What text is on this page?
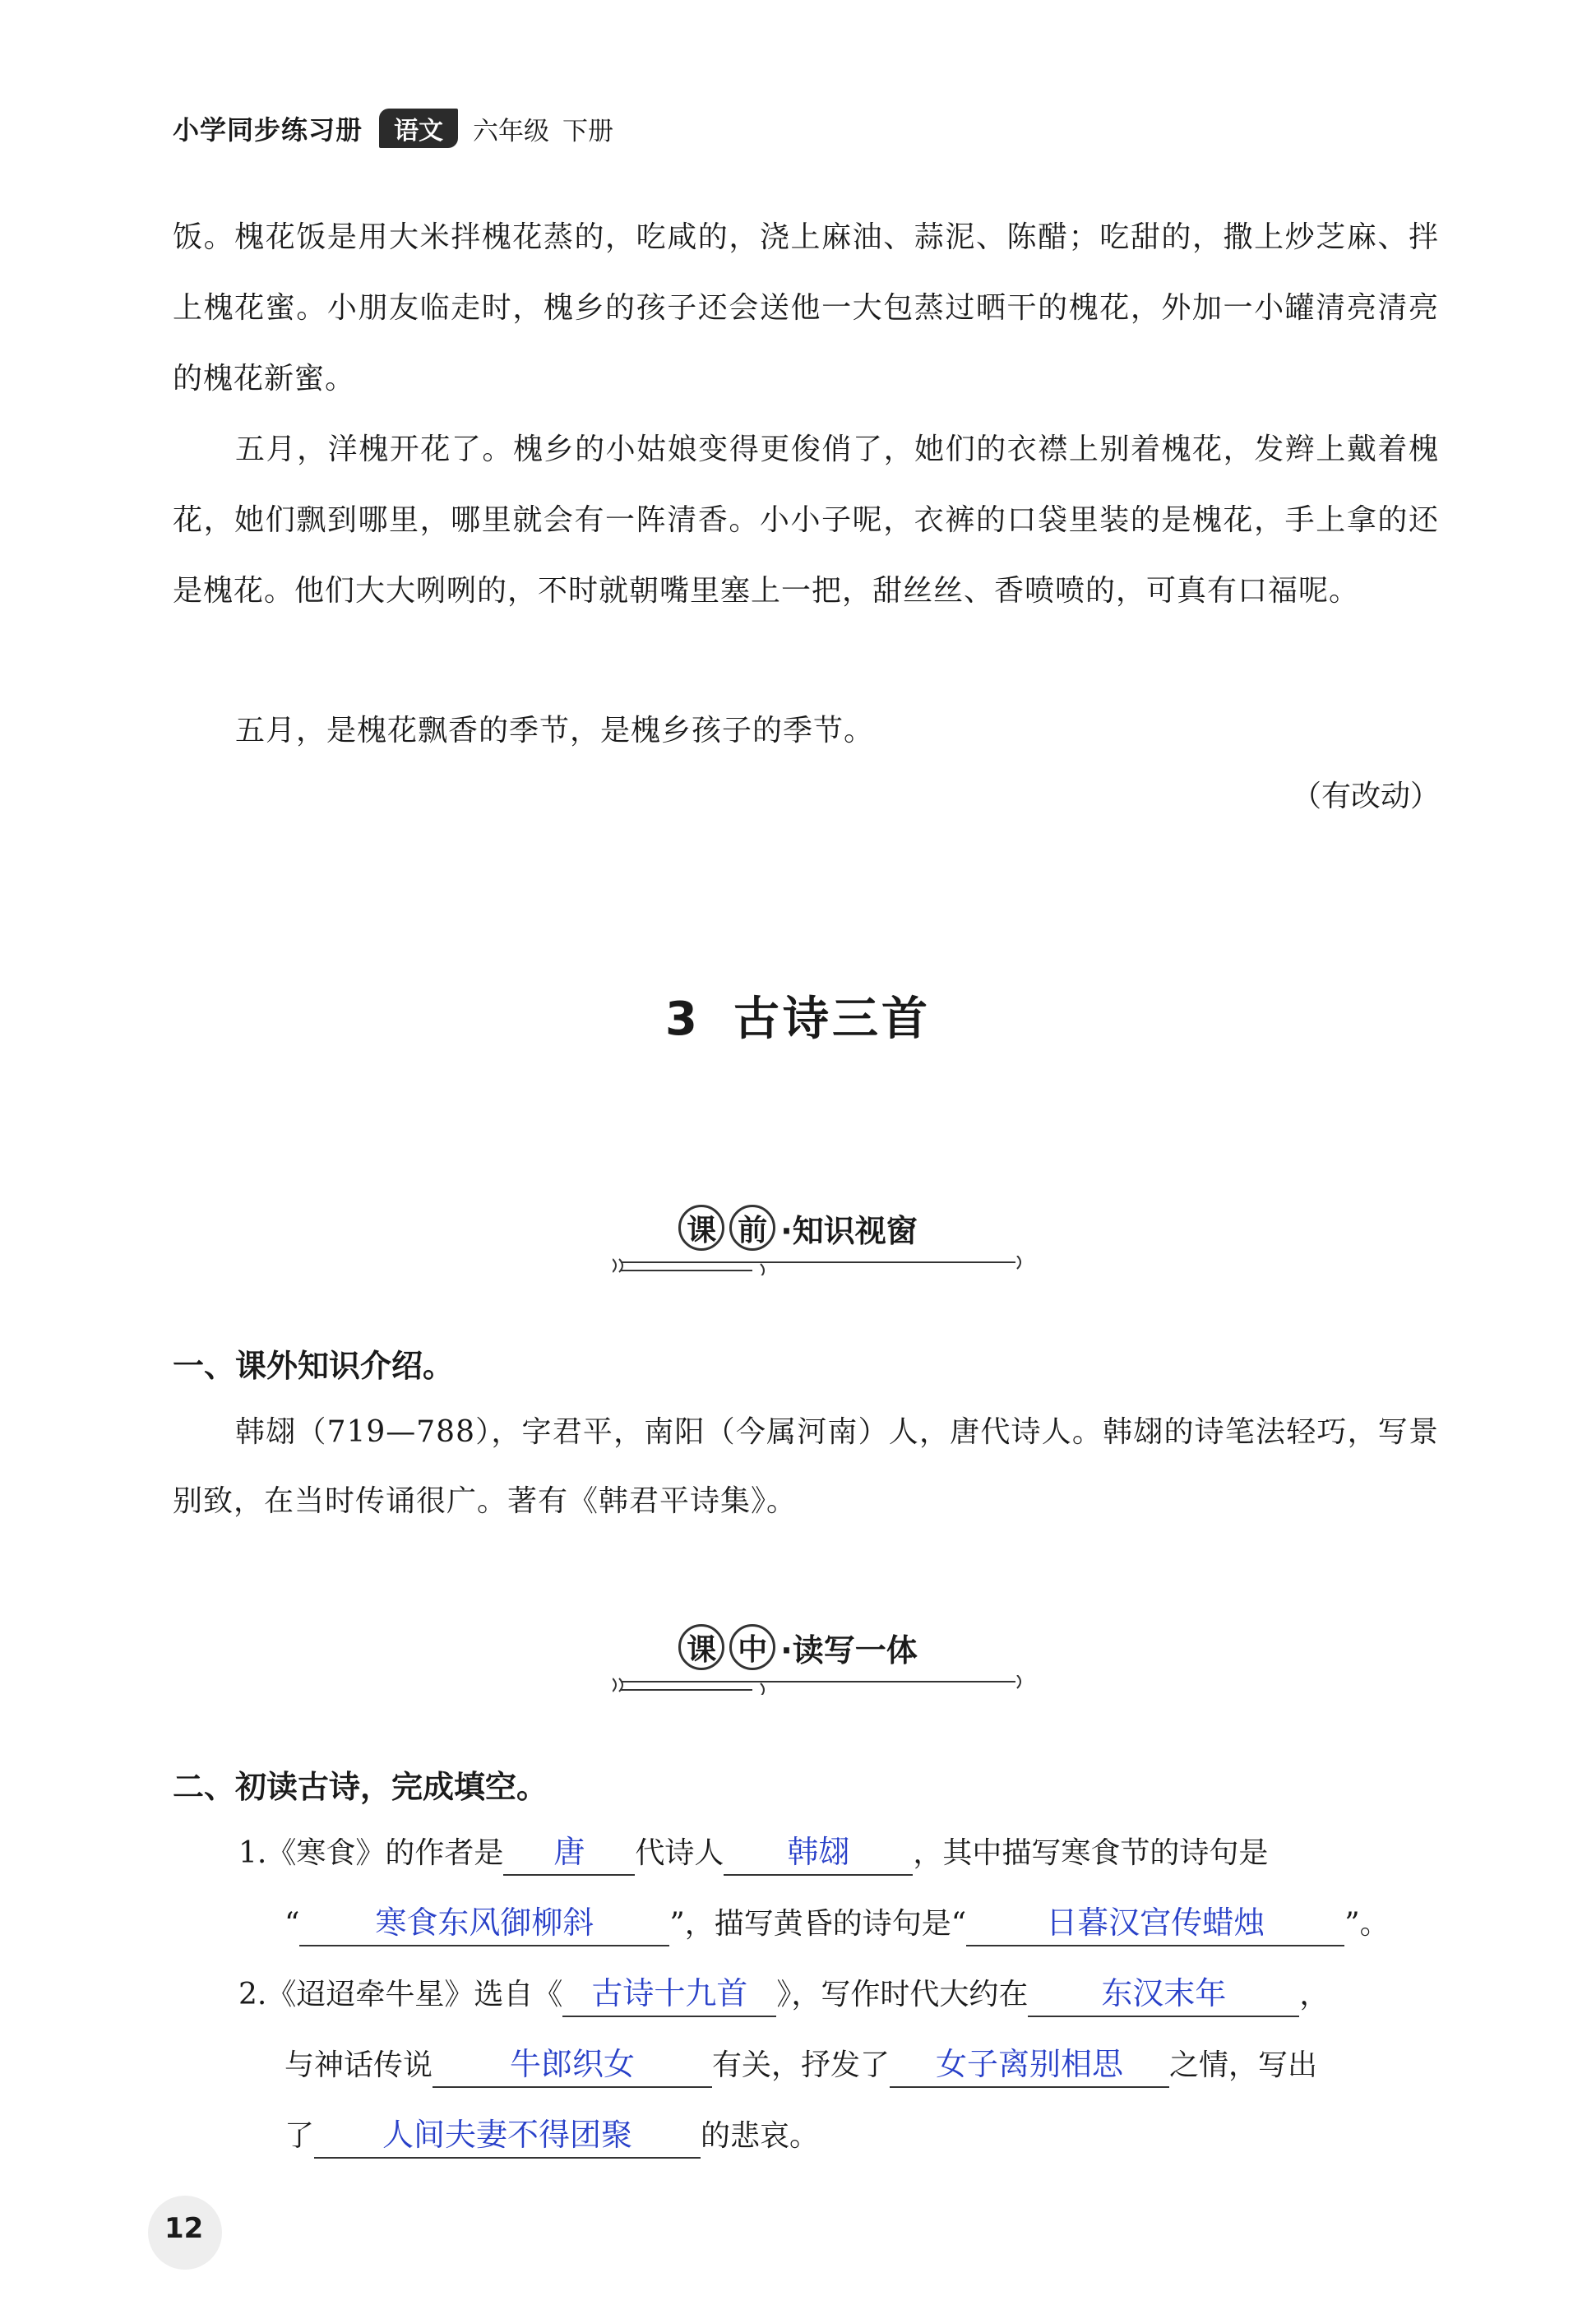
小学同步练习册	语文	六年级 下册
饭。槐花饭是用大米拌槐花蒸的，吃咸的，浇上麻油、蒜泥、陈醋；吃甜的，撒上炒芝麻、拌上槐花蜜。小朋友临走时，槐乡的孩子还会送他一大包蒸过晒干的槐花，外加一小罐清亮清亮的槐花新蜜。
五月，洋槐开花了。槐乡的小姑娘变得更俊俏了，她们的衣襟上别着槐花，发辫上戴着槐花，她们飘到哪里，哪里就会有一阵清香。小小子呢，衣裤的口袋里装的是槐花，手上拿的还是槐花。他们大大咧咧的，不时就朝嘴里塞上一把，甜丝丝、香喷喷的，可真有口福呢。
五月，是槐花飘香的季节，是槐乡孩子的季节。
（有改动）
3 古诗三首
课 前 ·知识视窗
一、课外知识介绍。
韩翃（719—788），字君平，南阳（今属河南）人，唐代诗人。韩翃的诗笔法轻巧，写景别致，在当时传诵很广。著有《韩君平诗集》。
课 中 ·读写一体
二、初读古诗，完成填空。
1.《寒食》的作者是 唐 代诗人 韩翃 ，其中描写寒食节的诗句是
“ 寒食东风御柳斜	”，描写黄昏的诗句是“	日暮汉宫传蜡烛	”。
2.《迢迢牵牛星》选自《 古诗十九首 》，写作时代大约在 东汉末年 ，
与神话传说 牛郎织女	有关，抒发了 女子离别相思 之情，写出
了 人间夫妻不得团聚 的悲哀。
12
